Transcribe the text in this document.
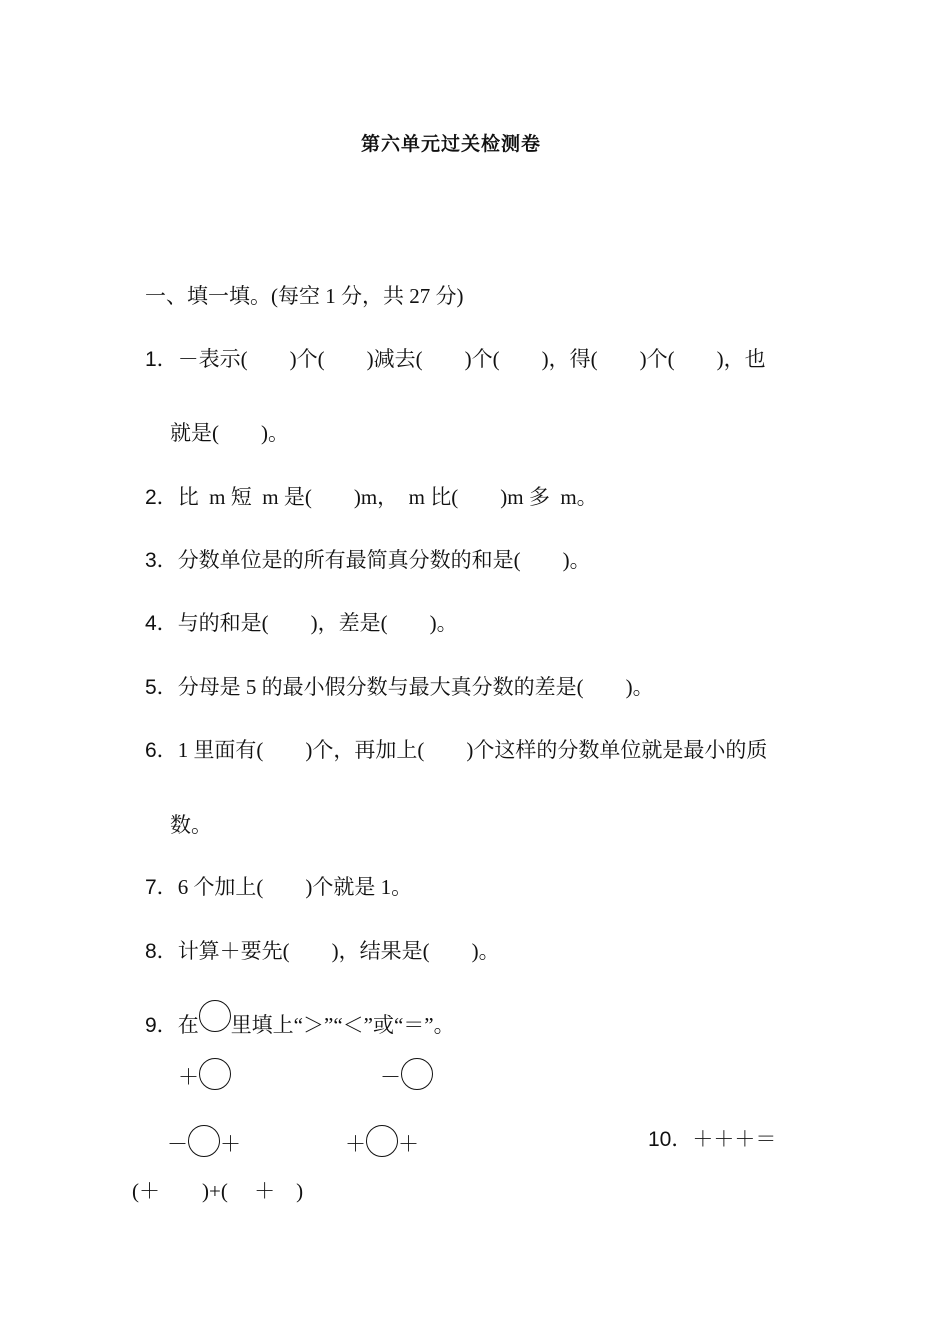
第六单元过关检测卷
一、填一填。(每空 1 分，共 27 分)
1．－表示(　　)个(　　)减去(　　)个(　　)，得(　　)个(　　)，也
就是(　　)。
2．比  m 短  m 是(　　)m，  m 比(　　)m 多  m。
3．分数单位是的所有最简真分数的和是(　　)。
4．与的和是(　　)，差是(　　)。
5．分母是 5 的最小假分数与最大真分数的差是(　　)。
6．1 里面有(　　)个，再加上(　　)个这样的分数单位就是最小的质
数。
7．6 个加上(　　)个就是 1。
8．计算＋要先(　　)，结果是(　　)。
9．在 里填上“＞”“＜”或“＝”。
＋	－
－ ＋	＋ ＋	10．＋＋＋＝
(＋　　)+(　 ＋　)
